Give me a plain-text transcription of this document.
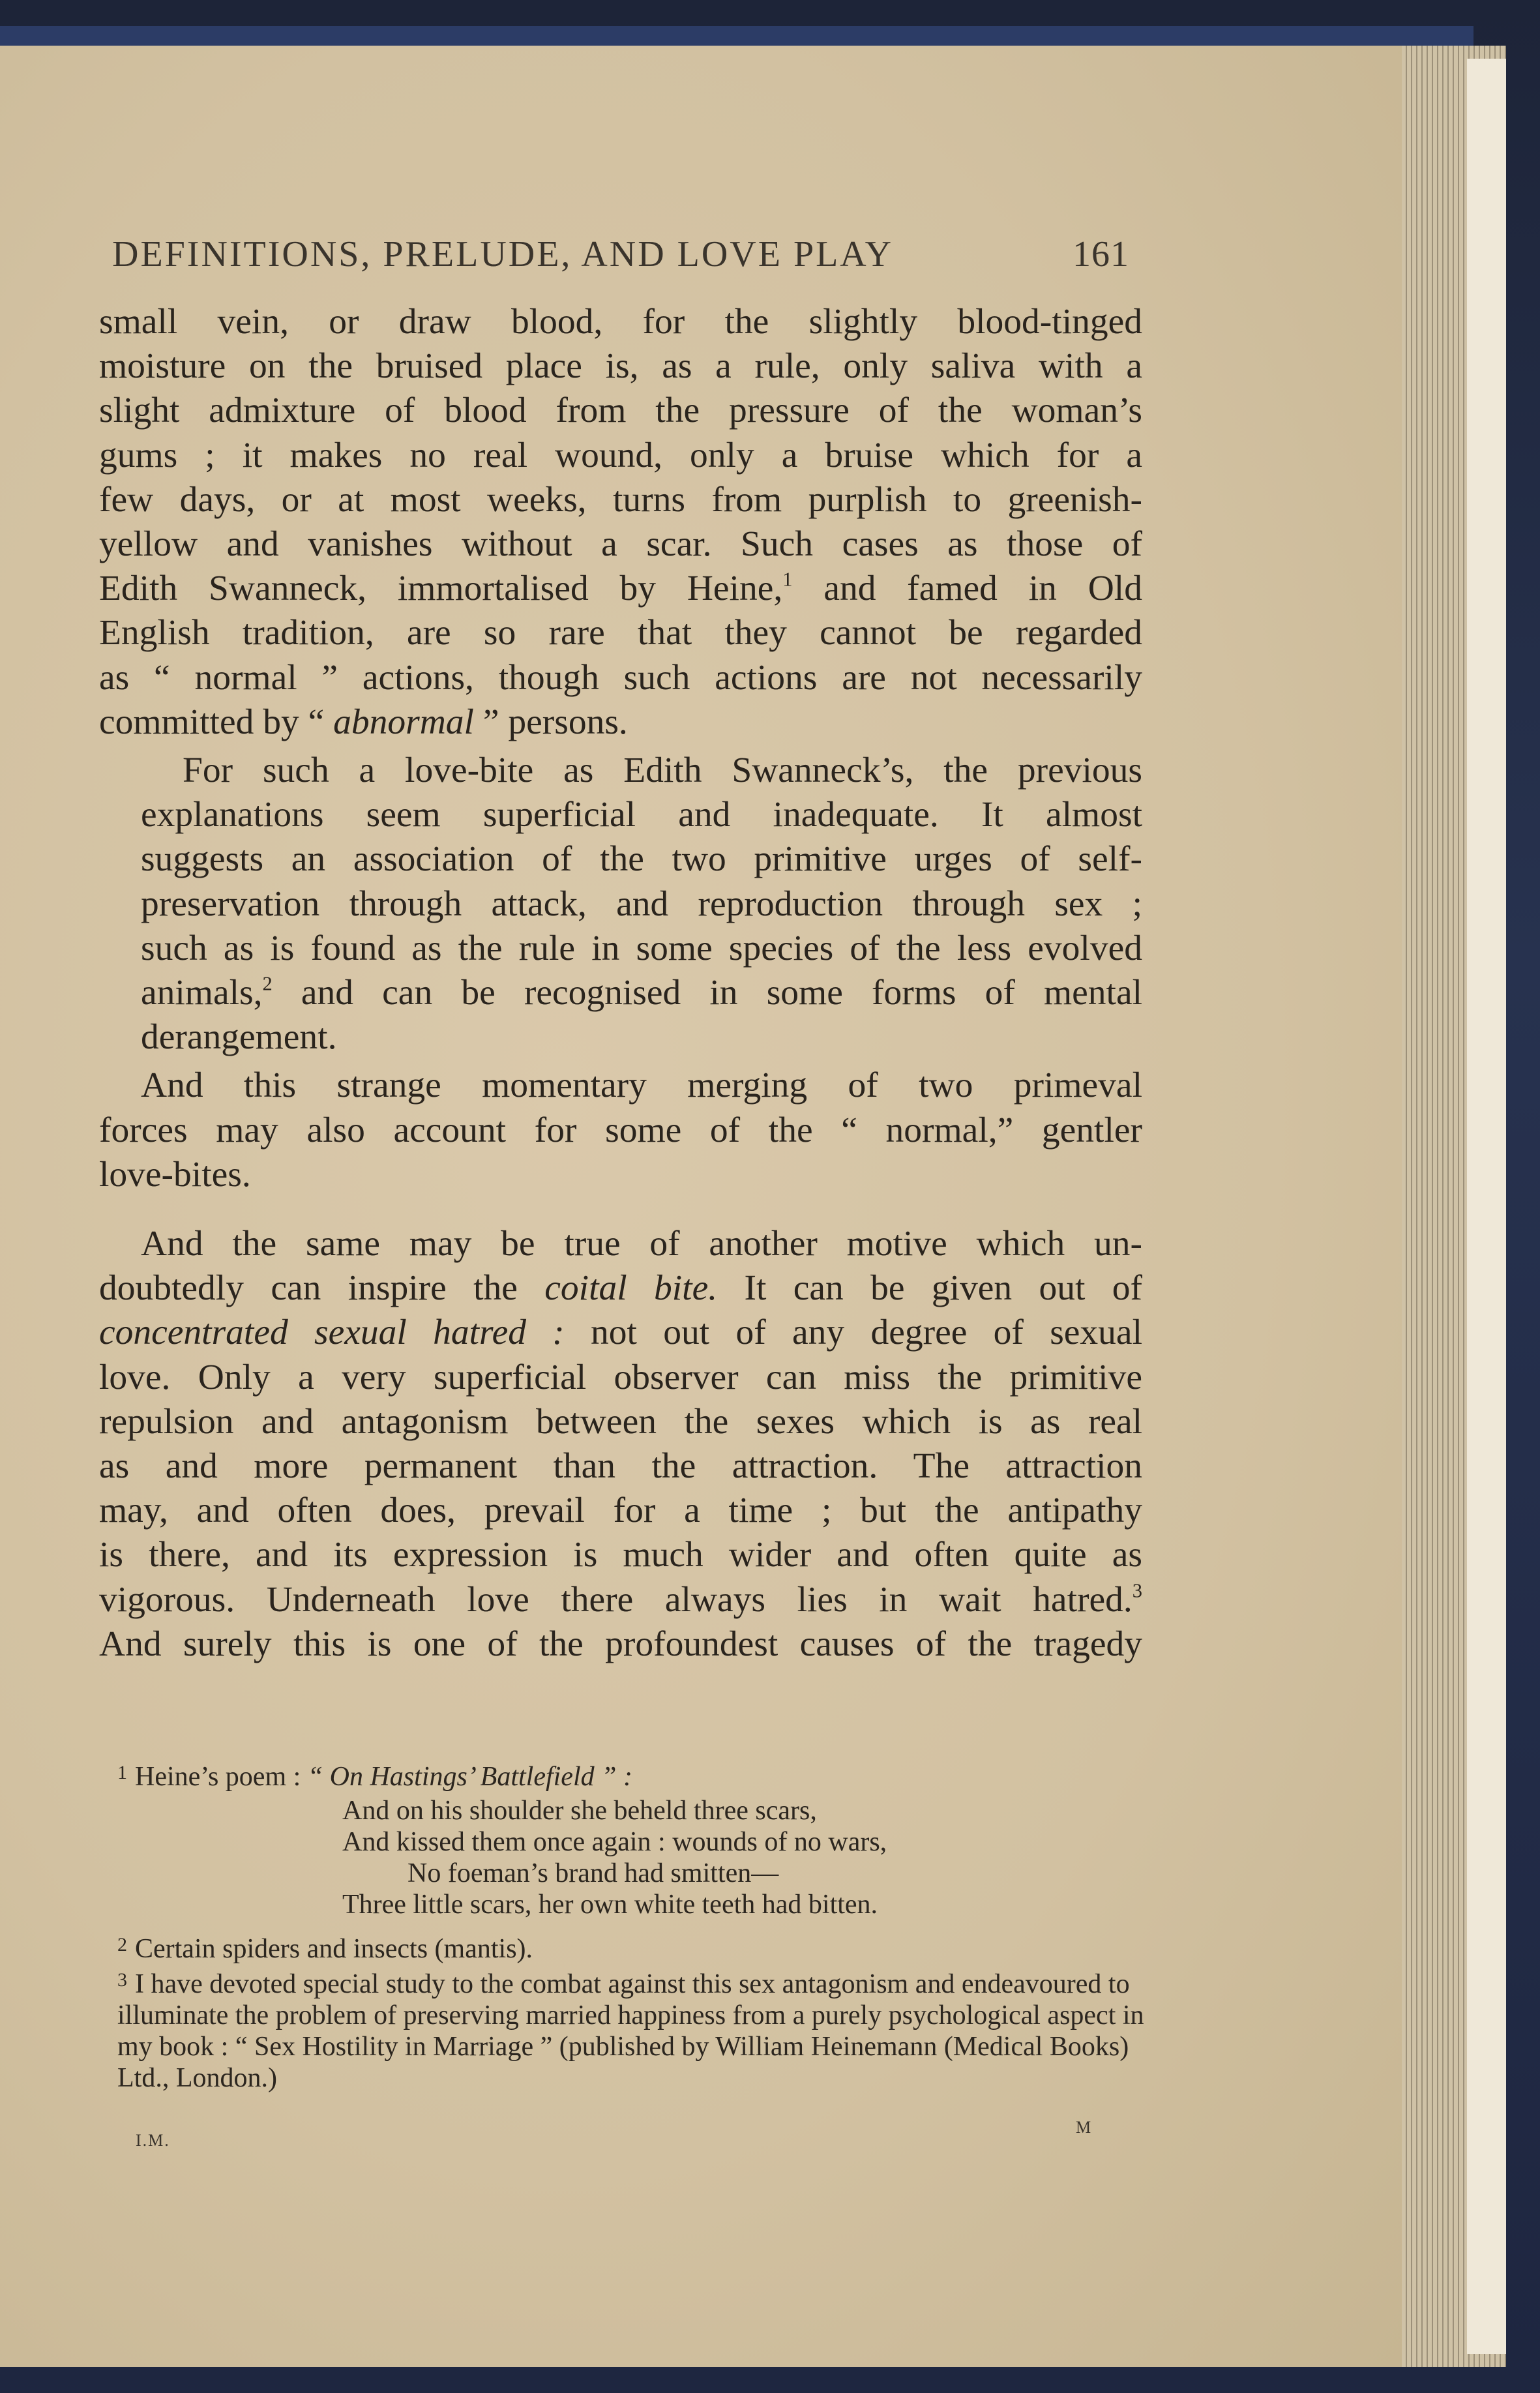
DEFINITIONS, PRELUDE, AND LOVE PLAY	161

small vein, or draw blood, for the slightly blood-tinged
moisture on the bruised place is, as a rule, only saliva with a
slight admixture of blood from the pressure of the woman’s
gums ; it makes no real wound, only a bruise which for a
few days, or at most weeks, turns from purplish to greenish-
yellow and vanishes without a scar. Such cases as those of
Edith Swanneck, immortalised by Heine,$^1$ and famed in Old
English tradition, are so rare that they cannot be regarded
as “ normal ” actions, though such actions are not necessarily
committed by “ abnormal ” persons.

For such a love-bite as Edith Swanneck’s, the previous
explanations seem superficial and inadequate. It almost
suggests an association of the two primitive urges of self-
preservation through attack, and reproduction through sex ;
such as is found as the rule in some species of the less evolved
animals,$^2$ and can be recognised in some forms of mental
derangement.

And this strange momentary merging of two primeval
forces may also account for some of the “ normal,” gentler
love-bites.

And the same may be true of another motive which un-
doubtedly can inspire the coital bite. It can be given out of
concentrated sexual hatred : not out of any degree of sexual
love. Only a very superficial observer can miss the primitive
repulsion and antagonism between the sexes which is as real
as and more permanent than the attraction. The attraction
may, and often does, prevail for a time ; but the antipathy
is there, and its expression is much wider and often quite as
vigorous. Underneath love there always lies in wait hatred.$^3$
And surely this is one of the profoundest causes of the tragedy

$^1$ Heine’s poem : “ On Hastings’ Battlefield ” :
And on his shoulder she beheld three scars,
And kissed them once again : wounds of no wars,
No foeman’s brand had smitten—
Three little scars, her own white teeth had bitten.
$^2$ Certain spiders and insects (mantis).
$^3$ I have devoted special study to the combat against this sex antagonism and endeavoured to illuminate the problem of preserving married happiness from a purely psychological aspect in my book : “ Sex Hostility in Marriage ” (published by William Heinemann (Medical Books) Ltd., London.)
I.M.
M
